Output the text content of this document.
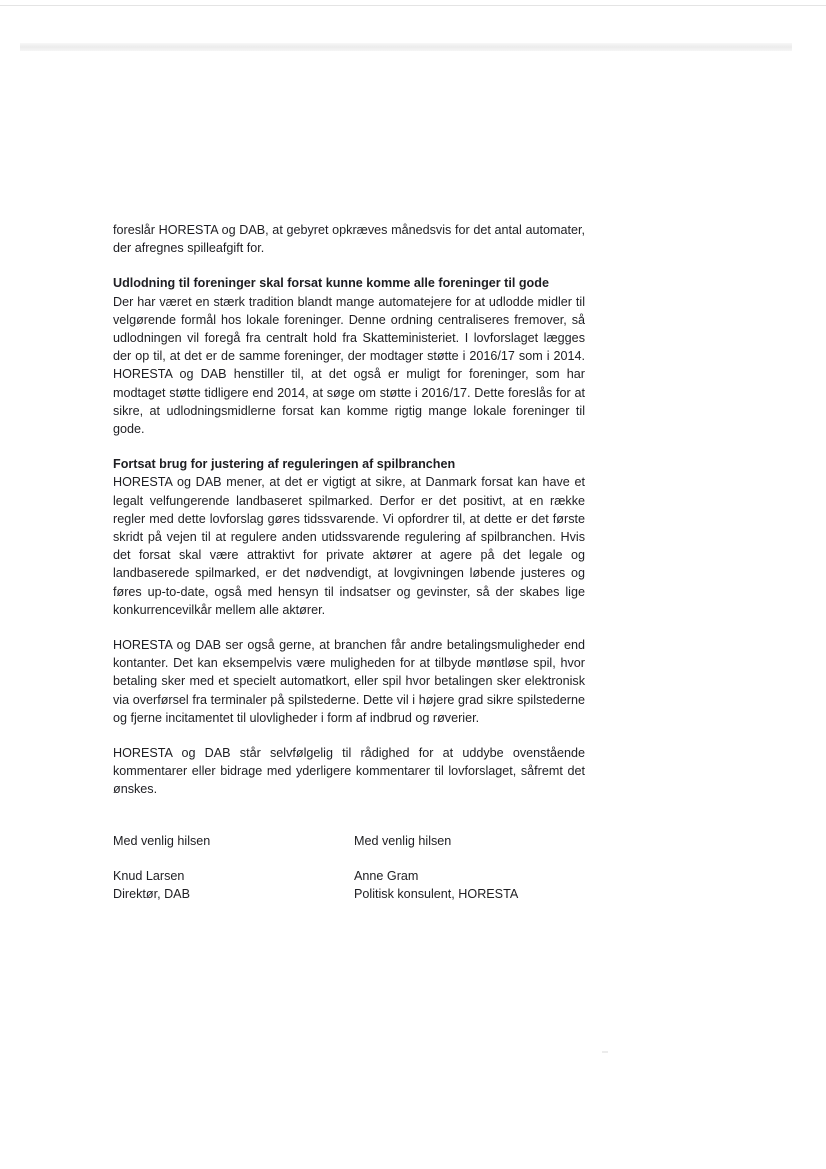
foreslår HORESTA og DAB, at gebyret opkræves månedsvis for det antal automater, der afregnes spilleafgift for.

Udlodning til foreninger skal forsat kunne komme alle foreninger til gode

Der har været en stærk tradition blandt mange automatejere for at udlodde midler til velgørende formål hos lokale foreninger. Denne ordning centraliseres fremover, så udlodningen vil foregå fra centralt hold fra Skatteministeriet. I lovforslaget lægges der op til, at det er de samme foreninger, der modtager støtte i 2016/17 som i 2014. HORESTA og DAB henstiller til, at det også er muligt for foreninger, som har modtaget støtte tidligere end 2014, at søge om støtte i 2016/17. Dette foreslås for at sikre, at udlodningsmidlerne forsat kan komme rigtig mange lokale foreninger til gode.

Fortsat brug for justering af reguleringen af spilbranchen

HORESTA og DAB mener, at det er vigtigt at sikre, at Danmark forsat kan have et legalt velfungerende landbaseret spilmarked. Derfor er det positivt, at en række regler med dette lovforslag gøres tidssvarende. Vi opfordrer til, at dette er det første skridt på vejen til at regulere anden utidssvarende regulering af spilbranchen. Hvis det forsat skal være attraktivt for private aktører at agere på det legale og landbaserede spilmarked, er det nødvendigt, at lovgivningen løbende justeres og føres up-to-date, også med hensyn til indsatser og gevinster, så der skabes lige konkurrencevilkår mellem alle aktører.

HORESTA og DAB ser også gerne, at branchen får andre betalingsmuligheder end kontanter. Det kan eksempelvis være muligheden for at tilbyde møntløse spil, hvor betaling sker med et specielt automatkort, eller spil hvor betalingen sker elektronisk via overførsel fra terminaler på spilstederne. Dette vil i højere grad sikre spilstederne og fjerne incitamentet til ulovligheder i form af indbrud og røverier.

HORESTA og DAB står selvfølgelig til rådighed for at uddybe ovenstående kommentarer eller bidrage med yderligere kommentarer til lovforslaget, såfremt det ønskes.

Med venlig hilsen

Knud Larsen

Direktør, DAB

Med venlig hilsen

Anne Gram

Politisk konsulent, HORESTA
